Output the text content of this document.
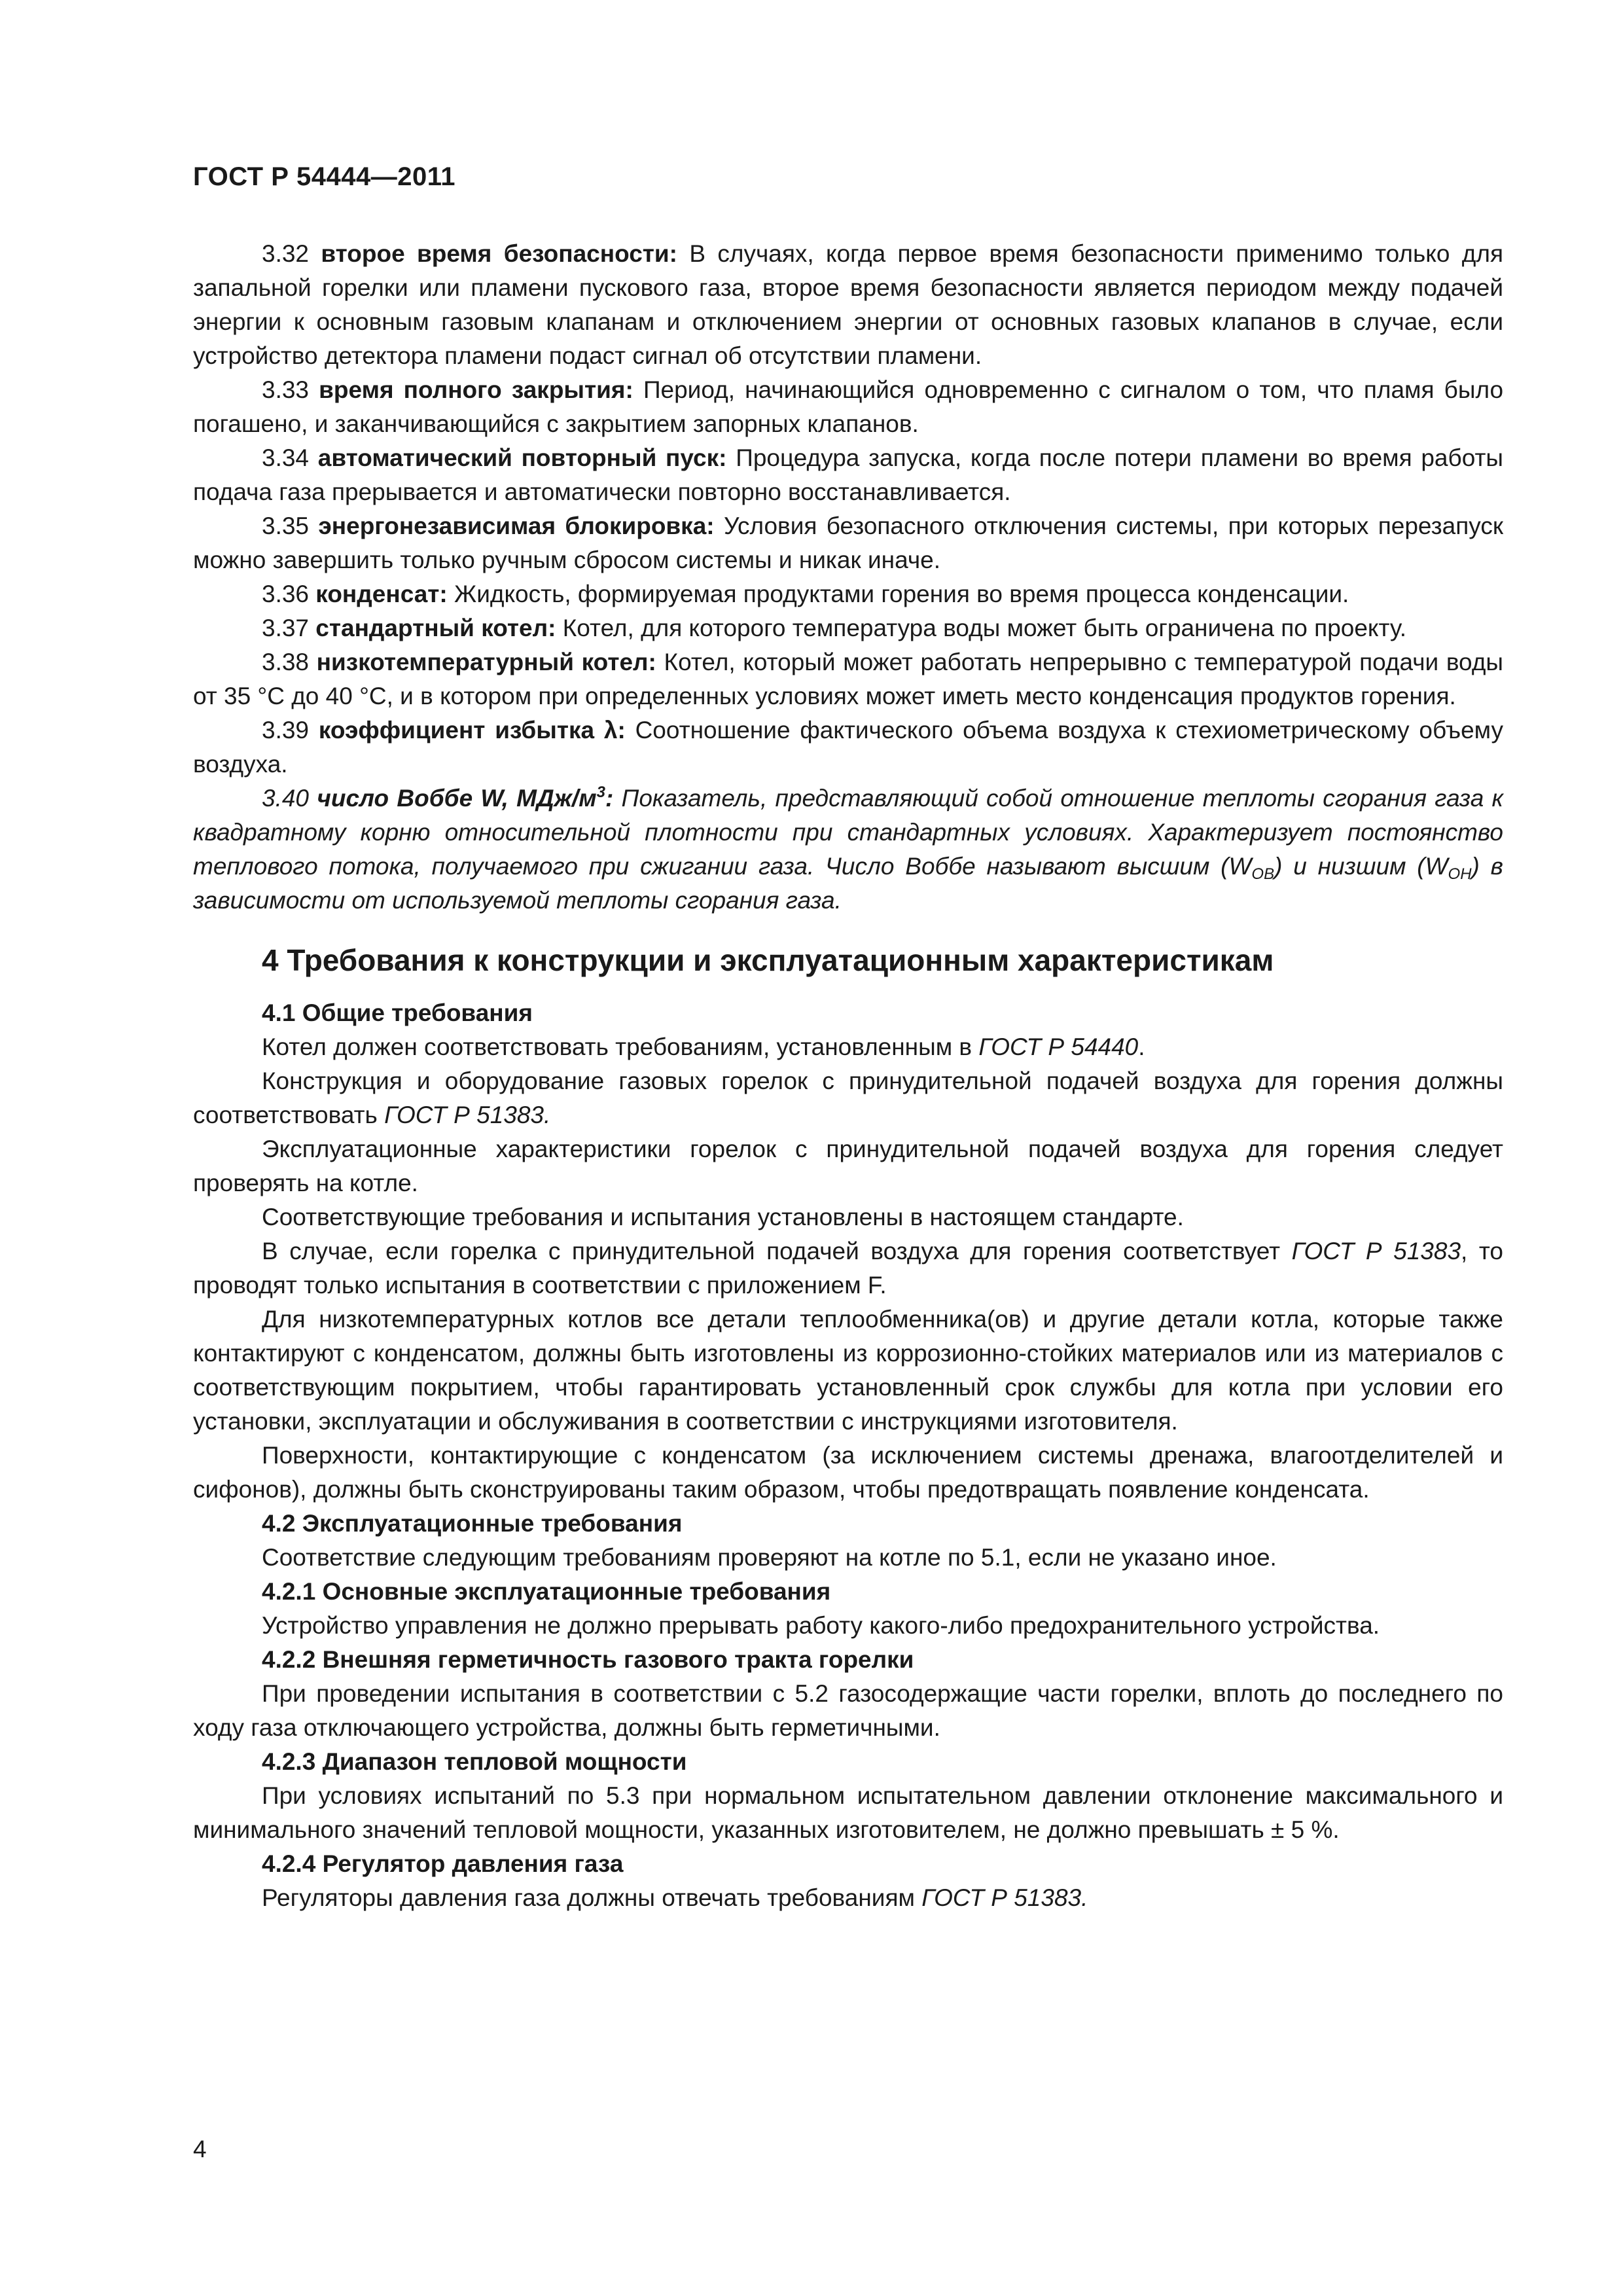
ГОСТ Р 54444—2011

3.32 второе время безопасности: В случаях, когда первое время безопасности применимо только для запальной горелки или пламени пускового газа, второе время безопасности является периодом между подачей энергии к основным газовым клапанам и отключением энергии от основных газовых клапанов в случае, если устройство детектора пламени подаст сигнал об отсутствии пламени.

3.33 время полного закрытия: Период, начинающийся одновременно с сигналом о том, что пламя было погашено, и заканчивающийся с закрытием запорных клапанов.

3.34 автоматический повторный пуск: Процедура запуска, когда после потери пламени во время работы подача газа прерывается и автоматически повторно восстанавливается.

3.35 энергонезависимая блокировка: Условия безопасного отключения системы, при которых перезапуск можно завершить только ручным сбросом системы и никак иначе.

3.36 конденсат: Жидкость, формируемая продуктами горения во время процесса конденсации.

3.37 стандартный котел: Котел, для которого температура воды может быть ограничена по проекту.

3.38 низкотемпературный котел: Котел, который может работать непрерывно с температурой подачи воды от 35 °С до 40 °С, и в котором при определенных условиях может иметь место конденсация продуктов горения.

3.39 коэффициент избытка λ: Соотношение фактического объема воздуха к стехиометрическому объему воздуха.

3.40 число Воббе W, МДж/$м^3$: Показатель, представляющий собой отношение теплоты сгорания газа к квадратному корню относительной плотности при стандартных условиях. Характеризует постоянство теплового потока, получаемого при сжигании газа. Число Воббе называют высшим $(W_{OB})$ и низшим $(W_{OH})$ в зависимости от используемой теплоты сгорания газа.

4 Требования к конструкции и эксплуатационным характеристикам

4.1 Общие требования

Котел должен соответствовать требованиям, установленным в ГОСТ Р 54440.

Конструкция и оборудование газовых горелок с принудительной подачей воздуха для горения должны соответствовать ГОСТ Р 51383.

Эксплуатационные характеристики горелок с принудительной подачей воздуха для горения следует проверять на котле.

Соответствующие требования и испытания установлены в настоящем стандарте.

В случае, если горелка с принудительной подачей воздуха для горения соответствует ГОСТ Р 51383, то проводят только испытания в соответствии с приложением F.

Для низкотемпературных котлов все детали теплообменника(ов) и другие детали котла, которые также контактируют с конденсатом, должны быть изготовлены из коррозионно-стойких материалов или из материалов с соответствующим покрытием, чтобы гарантировать установленный срок службы для котла при условии его установки, эксплуатации и обслуживания в соответствии с инструкциями изготовителя.

Поверхности, контактирующие с конденсатом (за исключением системы дренажа, влагоотделителей и сифонов), должны быть сконструированы таким образом, чтобы предотвращать появление конденсата.

4.2 Эксплуатационные требования

Соответствие следующим требованиям проверяют на котле по 5.1, если не указано иное.

4.2.1 Основные эксплуатационные требования

Устройство управления не должно прерывать работу какого-либо предохранительного устройства.

4.2.2 Внешняя герметичность газового тракта горелки

При проведении испытания в соответствии с 5.2 газосодержащие части горелки, вплоть до последнего по ходу газа отключающего устройства, должны быть герметичными.

4.2.3 Диапазон тепловой мощности

При условиях испытаний по 5.3 при нормальном испытательном давлении отклонение максимального и минимального значений тепловой мощности, указанных изготовителем, не должно превышать ± 5 %.

4.2.4 Регулятор давления газа

Регуляторы давления газа должны отвечать требованиям ГОСТ Р 51383.

4
